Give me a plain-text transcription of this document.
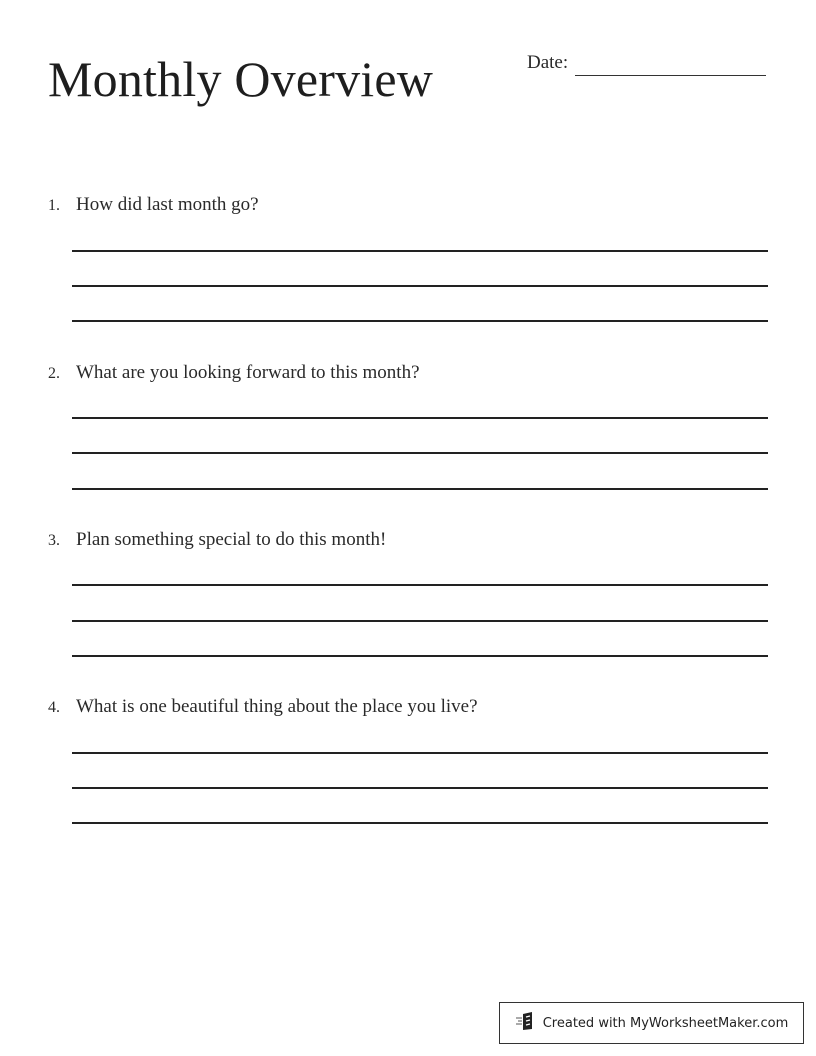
Monthly Overview	Date:
1. How did last month go?
2. What are you looking forward to this month?
3. Plan something special to do this month!
4. What is one beautiful thing about the place you live?
Created with MyWorksheetMaker.com
